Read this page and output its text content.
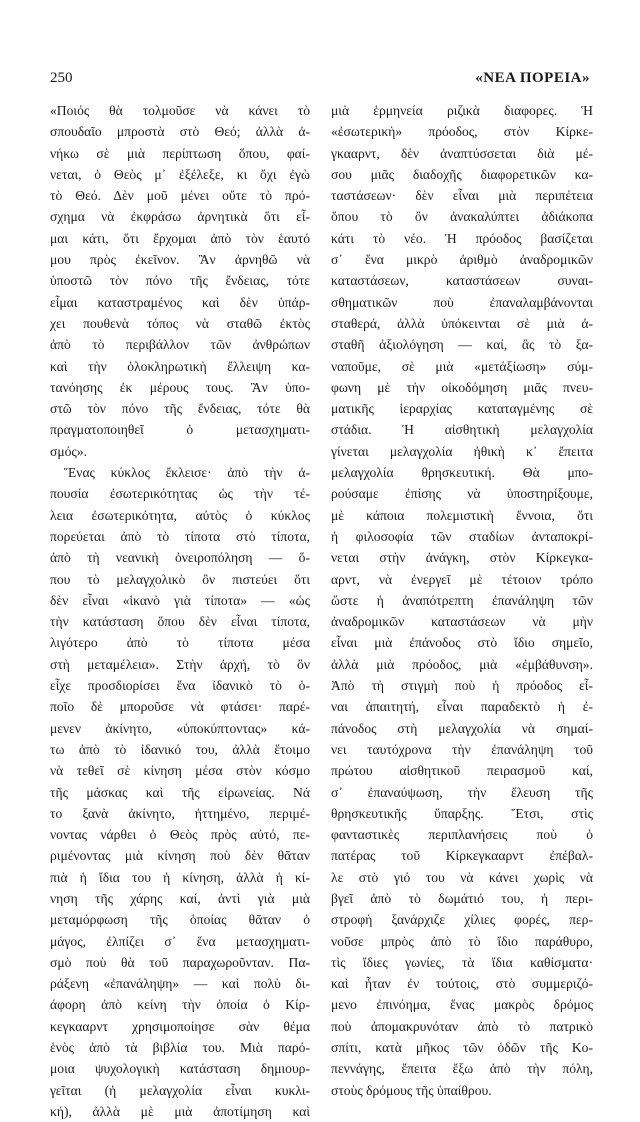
250	«ΝΕΑ ΠΟΡΕΙΑ»
«Ποιός θὰ τολμοῦσε νὰ κάνει τὸ
σπουδαῖο μπροστὰ στὸ Θεό; ἀλλὰ ἀ-
νήκω σὲ μιὰ περίπτωση ὅπου, φαί-
νεται, ὁ Θεὸς μ᾽ ἐξέλεξε, κι ὄχι ἐγὼ
τὸ Θεό. Δὲν μοῦ μένει οὔτε τὸ πρό-
σχημα νὰ ἐκφράσω ἀρνητικὰ ὅτι εἶ-
μαι κάτι, ὅτι ἔρχομαι ἀπὸ τὸν ἑαυτό
μου πρὸς ἐκεῖνον. Ἂν ἀρνηθῶ νὰ
ὑποστῶ τὸν πόνο τῆς ἔνδειας, τότε
εἶμαι καταστραμένος καὶ δὲν ὑπάρ-
χει πουθενὰ τόπος νὰ σταθῶ ἐκτὸς
ἀπὸ τὸ περιβάλλον τῶν ἀνθρώπων
καὶ τὴν ὁλοκληρωτικὴ ἔλλειψη κα-
τανόησης ἐκ μέρους τους. Ἂν ὑπο-
στῶ τὸν πόνο τῆς ἔνδειας, τότε θὰ
πραγματοποιηθεῖ ὁ μετασχηματι-
σμός».
Ἕνας κύκλος ἔκλεισε· ἀπὸ τὴν ἀ-
πουσία ἐσωτερικότητας ὡς τὴν τέ-
λεια ἐσωτερικότητα, αὐτὸς ὁ κύκλος
πορεύεται ἀπὸ τὸ τίποτα στὸ τίποτα,
ἀπὸ τὴ νεανικὴ ὀνειροπόληση — ὅ-
που τὸ μελαγχολικὸ ὂν πιστεύει ὅτι
δὲν εἶναι «ἱκανὸ γιὰ τίποτα» — «ὡς
τὴν κατάσταση ὅπου δὲν εἶναι τίποτα,
λιγότερο ἀπὸ τὸ τίποτα μέσα
στὴ μεταμέλεια». Στὴν ἀρχή, τὸ ὂν
εἶχε προσδιορίσει ἕνα ἰδανικὸ τὸ ὁ-
ποῖο δὲ μποροῦσε νὰ φτάσει· παρέ-
μενεν ἀκίνητο, «ὑποκύπτοντας» κά-
τω ἀπὸ τὸ ἰδανικό του, ἀλλὰ ἕτοιμο
νὰ τεθεῖ σὲ κίνηση μέσα στὸν κόσμο
τῆς μάσκας καὶ τῆς εἰρωνείας. Νά
το ξανὰ ἀκίνητο, ἡττημένο, περιμέ-
νοντας νάρθει ὁ Θεὸς πρὸς αὐτό, πε-
ριμένοντας μιὰ κίνηση ποὺ δὲν θᾶταν
πιὰ ἡ ἴδια του ἡ κίνηση, ἀλλὰ ἡ κί-
νηση τῆς χάρης καί, ἀντὶ γιὰ μιὰ
μεταμόρφωση τῆς ὁποίας θᾶταν ὁ
μάγος, ἐλπίζει σ᾽ ἕνα μετασχηματι-
σμὸ ποὺ θὰ τοῦ παραχωροῦνταν. Πα-
ράξενη «ἐπανάληψη» — καὶ πολὺ δι-
άφορη ἀπὸ κείνη τὴν ὁποία ὁ Κίρ-
κεγκααρντ χρησιμοποίησε σὰν θέμα
ἑνὸς ἀπὸ τὰ βιβλία του. Μιὰ παρό-
μοια ψυχολογικὴ κατάσταση δημιουρ-
γεῖται (ἡ μελαγχολία εἶναι κυκλι-
κή), ἀλλὰ μὲ μιὰ ἀποτίμηση καὶ
μιὰ ἑρμηνεία ριζικὰ διαφορες. Ἡ
«ἐσωτερικὴ» πρόοδος, στὸν Κίρκε-
γκααρντ, δὲν ἀναπτύσσεται διὰ μέ-
σου μιᾶς διαδοχῆς διαφορετικῶν κα-
ταστάσεων· δὲν εἶναι μιὰ περιπέτεια
ὅπου τὸ ὂν ἀνακαλύπτει ἀδιάκοπα
κάτι τὸ νέο. Ἡ πρόοδος βασίζεται
σ᾽ ἕνα μικρὸ ἀριθμὸ ἀναδρομικῶν
καταστάσεων, καταστάσεων συναι-
σθηματικῶν ποὺ ἐπαναλαμβάνονται
σταθερά, ἀλλὰ ὑπόκεινται σὲ μιὰ ἀ-
σταθῆ ἀξιολόγηση — καί, ἂς τὸ ξα-
ναποῦμε, σὲ μιὰ «μετάξίωση» σύμ-
φωνη μὲ τὴν οἰκοδόμηση μιᾶς πνευ-
ματικῆς ἱεραρχίας καταταγμένης σὲ
στάδια. Ἡ αἰσθητικὴ μελαγχολία
γίνεται μελαγχολία ἠθικὴ κ᾽ ἔπειτα
μελαγχολία θρησκευτική. Θὰ μπο-
ρούσαμε ἐπίσης νὰ ὑποστηρίξουμε,
μὲ κάποια πολεμιστικὴ ἔννοια, ὅτι
ἡ φιλοσοφία τῶν σταδίων ἀνταποκρί-
νεται στὴν ἀνάγκη, στὸν Κίρκεγκα-
αρντ, νὰ ἐνεργεῖ μὲ τέτοιον τρόπο
ὥστε ἡ ἀναπότρεπτη ἐπανάληψη τῶν
ἀναδρομικῶν καταστάσεων νὰ μὴν
εἶναι μιὰ ἐπάνοδος στὸ ἴδιο σημεῖο,
ἀλλὰ μιὰ πρόοδος, μιὰ «ἐμβάθυνση».
Ἀπὸ τὴ στιγμὴ ποὺ ἡ πρόοδος εἶ-
ναι ἀπαιτητή, εἶναι παραδεκτὸ ἡ ἐ-
πάνοδος στὴ μελαγχολία νὰ σημαί-
νει ταυτόχρονα τὴν ἐπανάληψη τοῦ
πρώτου αἰσθητικοῦ πειρασμοῦ καί,
σ᾽ ἐπαναύψωση, τὴν ἔλευση τῆς
θρησκευτικῆς ὕπαρξης. Ἔτσι, στὶς
φανταστικὲς περιπλανήσεις ποὺ ὁ
πατέρας τοῦ Κίρκεγκααρντ ἐπέβαλ-
λε στὸ γιό του νὰ κάνει χωρὶς νὰ
βγεῖ ἀπὸ τὸ δωμάτιό του, ἡ περι-
στροφὴ ξανάρχιζε χίλιες φορές, περ-
νοῦσε μπρὸς ἀπὸ τὸ ἴδιο παράθυρο,
τὶς ἴδιες γωνίες, τὰ ἴδια καθίσματα·
καὶ ἦταν ἐν τούτοις, στὸ συμμεριζό-
μενο ἐπινόημα, ἕνας μακρὸς δρόμος
ποὺ ἀπομακρυνόταν ἀπὸ τὸ πατρικὸ
σπίτι, κατὰ μῆκος τῶν ὁδῶν τῆς Κο-
πεννάγης, ἔπειτα ἔξω ἀπὸ τὴν πόλη,
στοὺς δρόμους τῆς ὑπαίθρου.
